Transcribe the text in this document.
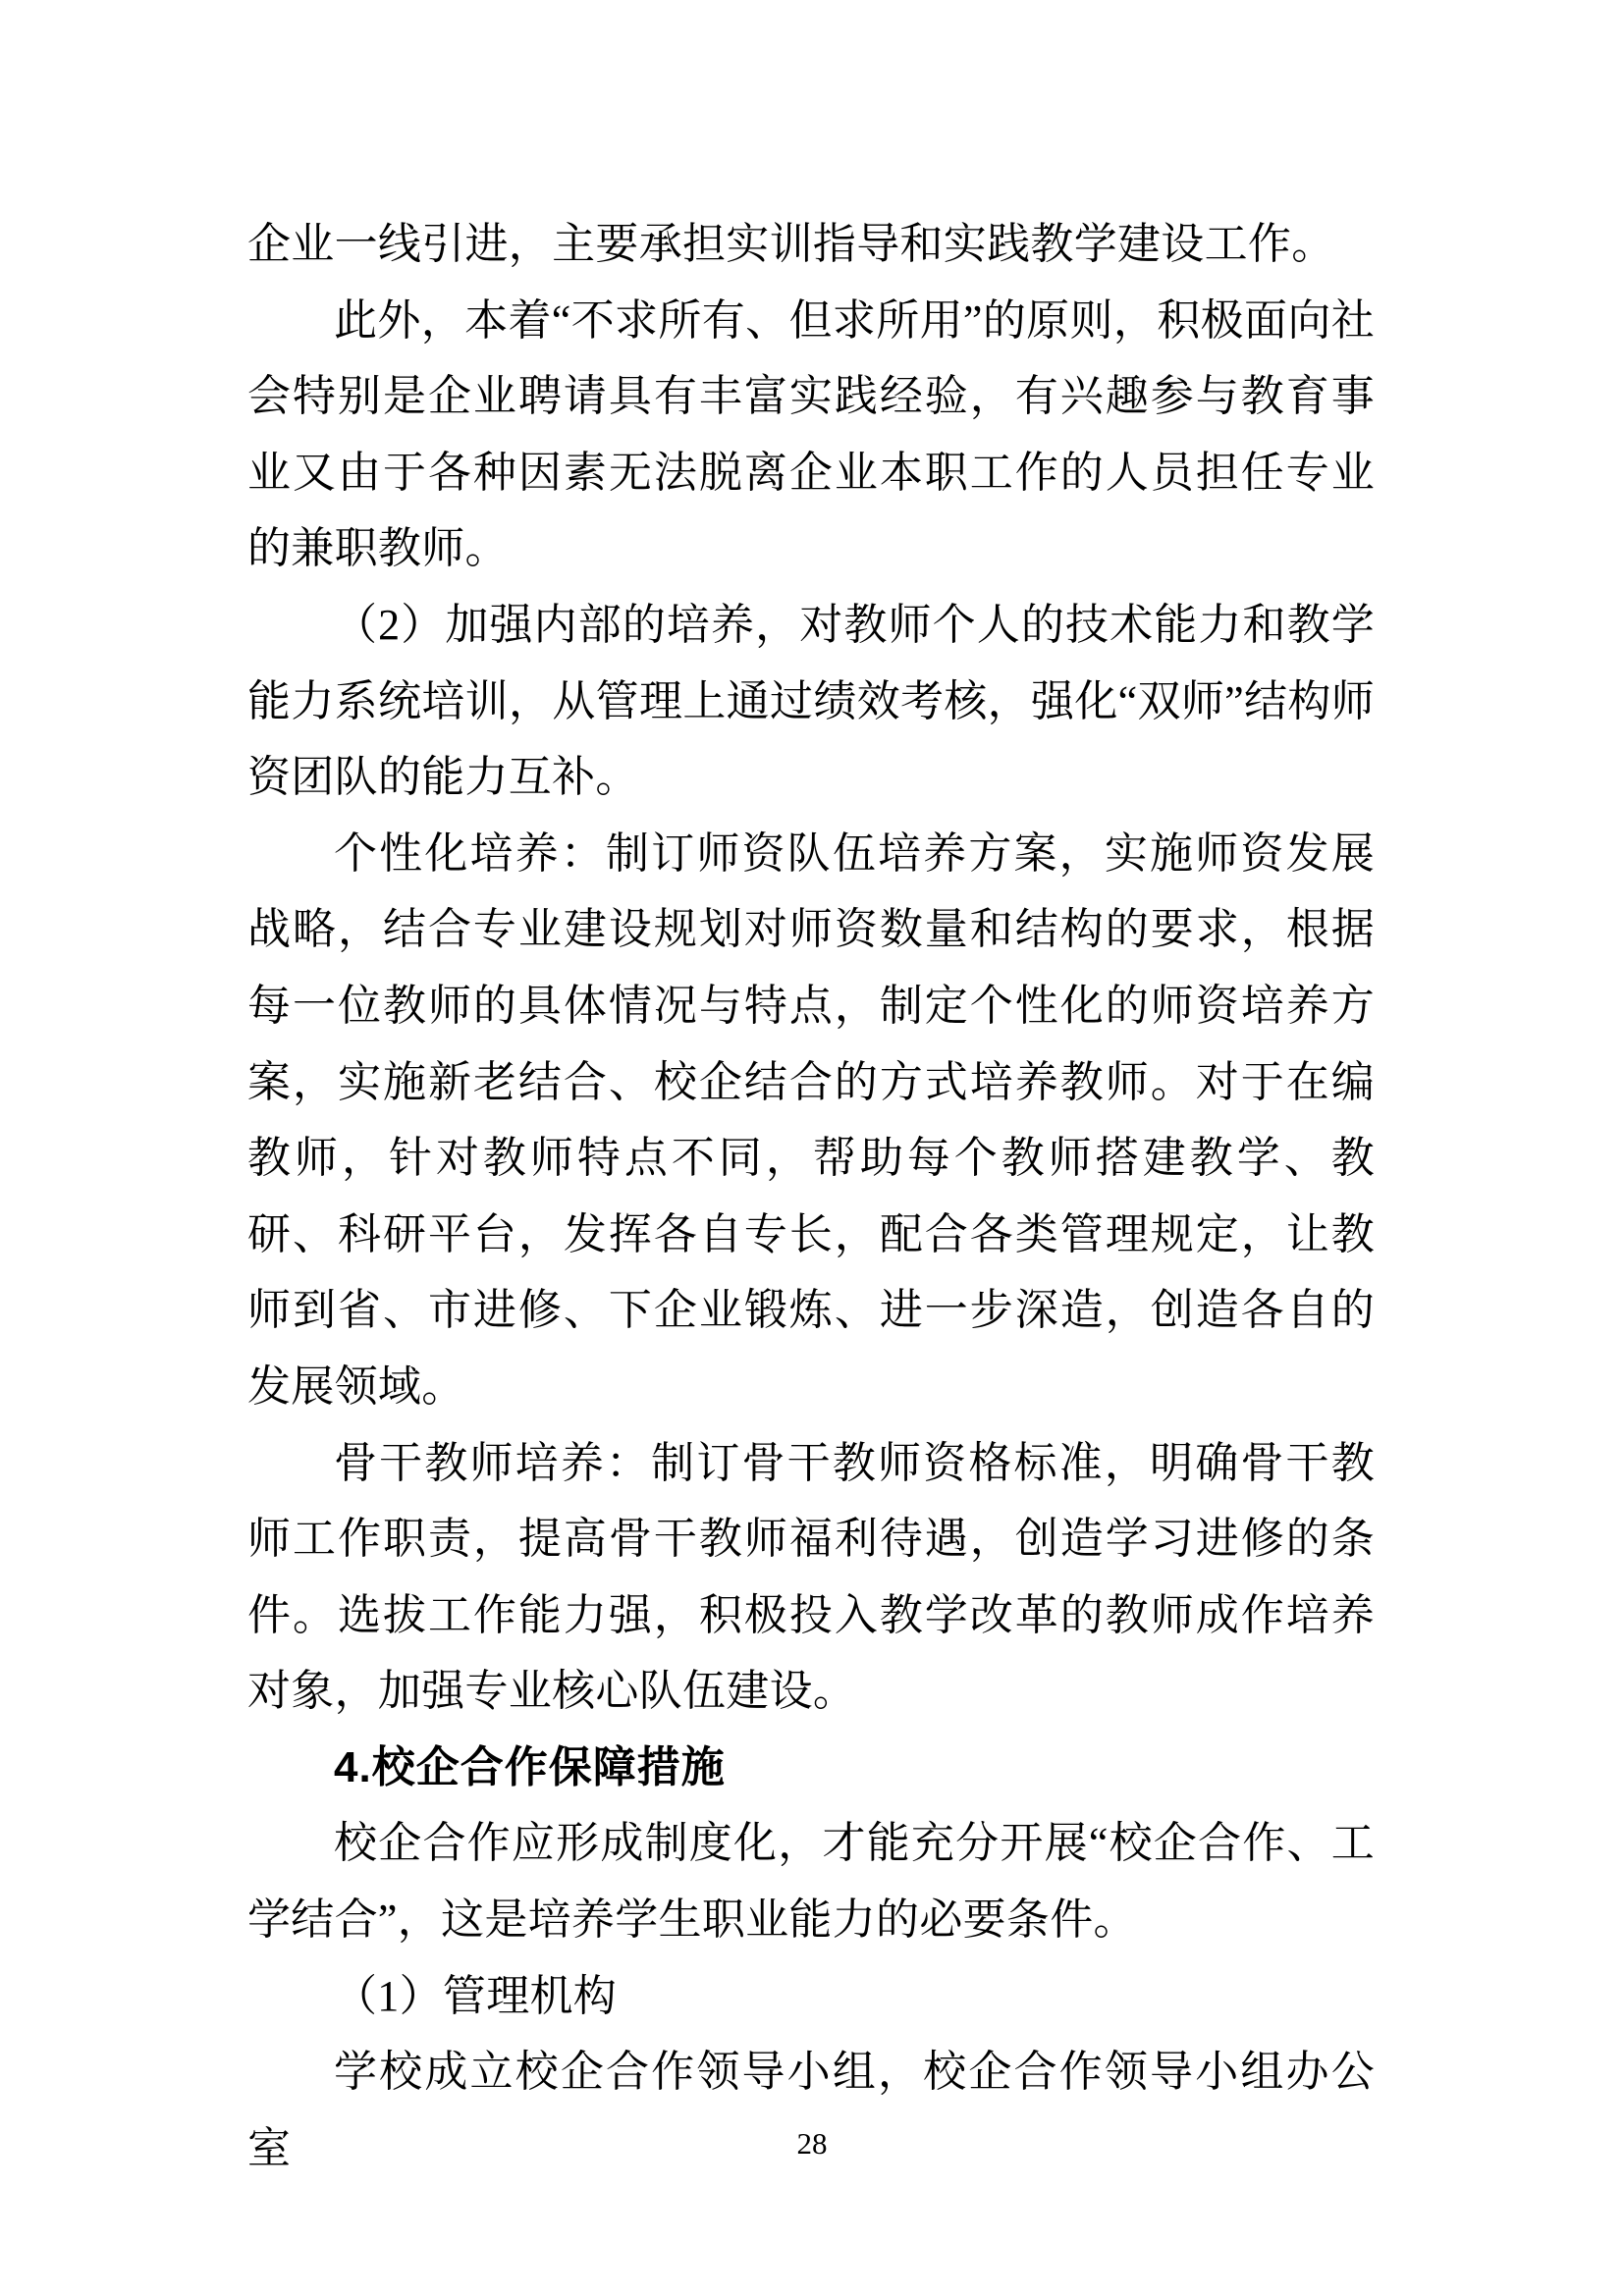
企业一线引进，主要承担实训指导和实践教学建设工作。

此外，本着“不求所有、但求所用”的原则，积极面向社会特别是企业聘请具有丰富实践经验，有兴趣参与教育事业又由于各种因素无法脱离企业本职工作的人员担任专业的兼职教师。

（2）加强内部的培养，对教师个人的技术能力和教学能力系统培训，从管理上通过绩效考核，强化“双师”结构师资团队的能力互补。

个性化培养：制订师资队伍培养方案，实施师资发展战略，结合专业建设规划对师资数量和结构的要求，根据每一位教师的具体情况与特点，制定个性化的师资培养方案，实施新老结合、校企结合的方式培养教师。对于在编教师，针对教师特点不同，帮助每个教师搭建教学、教研、科研平台，发挥各自专长，配合各类管理规定，让教师到省、市进修、下企业锻炼、进一步深造，创造各自的发展领域。

骨干教师培养：制订骨干教师资格标准，明确骨干教师工作职责，提高骨干教师福利待遇，创造学习进修的条件。选拔工作能力强，积极投入教学改革的教师成作培养对象，加强专业核心队伍建设。

4.校企合作保障措施

校企合作应形成制度化，才能充分开展“校企合作、工学结合”，这是培养学生职业能力的必要条件。

（1）管理机构

学校成立校企合作领导小组，校企合作领导小组办公室	28
